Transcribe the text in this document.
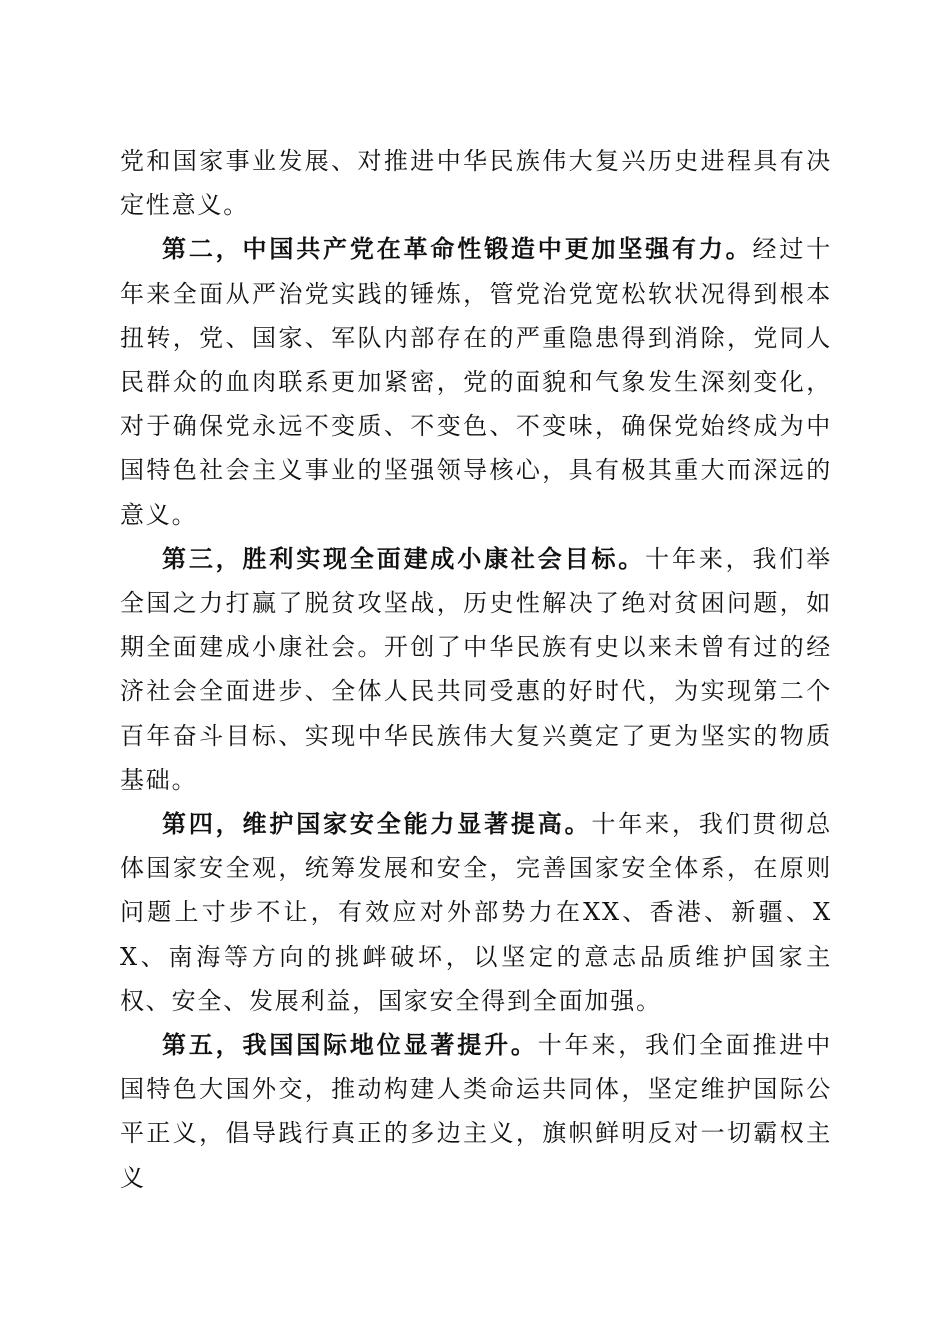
党和国家事业发展、对推进中华民族伟大复兴历史进程具有决定性意义。

第二，中国共产党在革命性锻造中更加坚强有力。经过十年来全面从严治党实践的锤炼，管党治党宽松软状况得到根本扭转，党、国家、军队内部存在的严重隐患得到消除，党同人民群众的血肉联系更加紧密，党的面貌和气象发生深刻变化，对于确保党永远不变质、不变色、不变味，确保党始终成为中国特色社会主义事业的坚强领导核心，具有极其重大而深远的意义。

第三，胜利实现全面建成小康社会目标。十年来，我们举全国之力打赢了脱贫攻坚战，历史性解决了绝对贫困问题，如期全面建成小康社会。开创了中华民族有史以来未曾有过的经济社会全面进步、全体人民共同受惠的好时代，为实现第二个百年奋斗目标、实现中华民族伟大复兴奠定了更为坚实的物质基础。

第四，维护国家安全能力显著提高。十年来，我们贯彻总体国家安全观，统筹发展和安全，完善国家安全体系，在原则问题上寸步不让，有效应对外部势力在XX、香港、新疆、XX、南海等方向的挑衅破坏，以坚定的意志品质维护国家主权、安全、发展利益，国家安全得到全面加强。

第五，我国国际地位显著提升。十年来，我们全面推进中国特色大国外交，推动构建人类命运共同体，坚定维护国际公平正义，倡导践行真正的多边主义，旗帜鲜明反对一切霸权主义
